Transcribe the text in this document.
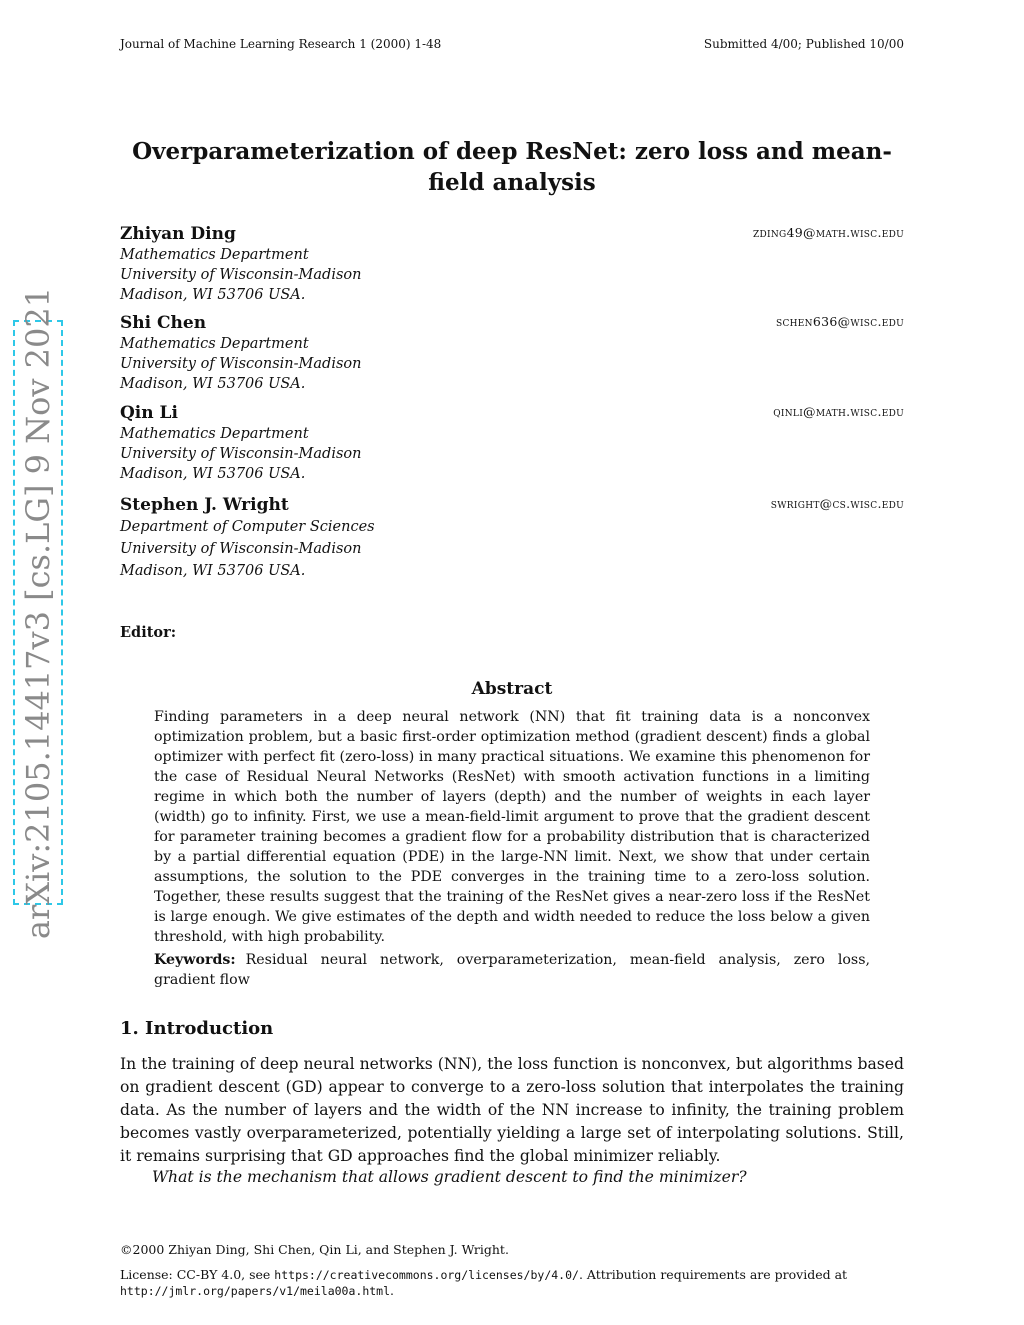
Journal of Machine Learning Research 1 (2000) 1-48	Submitted 4/00; Published 10/00
arXiv:2105.14417v3 [cs.LG] 9 Nov 2021
Overparameterization of deep ResNet: zero loss and mean-field analysis
Zhiyan Ding	zding49@math.wisc.edu
Mathematics Department
University of Wisconsin-Madison
Madison, WI 53706 USA.
Shi Chen	schen636@wisc.edu
Mathematics Department
University of Wisconsin-Madison
Madison, WI 53706 USA.
Qin Li	qinli@math.wisc.edu
Mathematics Department
University of Wisconsin-Madison
Madison, WI 53706 USA.
Stephen J. Wright	swright@cs.wisc.edu
Department of Computer Sciences
University of Wisconsin-Madison
Madison, WI 53706 USA.
Editor:
Abstract
Finding parameters in a deep neural network (NN) that fit training data is a nonconvex optimization problem, but a basic first-order optimization method (gradient descent) finds a global optimizer with perfect fit (zero-loss) in many practical situations. We examine this phenomenon for the case of Residual Neural Networks (ResNet) with smooth activation functions in a limiting regime in which both the number of layers (depth) and the number of weights in each layer (width) go to infinity. First, we use a mean-field-limit argument to prove that the gradient descent for parameter training becomes a gradient flow for a probability distribution that is characterized by a partial differential equation (PDE) in the large-NN limit. Next, we show that under certain assumptions, the solution to the PDE converges in the training time to a zero-loss solution. Together, these results suggest that the training of the ResNet gives a near-zero loss if the ResNet is large enough. We give estimates of the depth and width needed to reduce the loss below a given threshold, with high probability.
Keywords: Residual neural network, overparameterization, mean-field analysis, zero loss, gradient flow
1. Introduction
In the training of deep neural networks (NN), the loss function is nonconvex, but algorithms based on gradient descent (GD) appear to converge to a zero-loss solution that interpolates the training data. As the number of layers and the width of the NN increase to infinity, the training problem becomes vastly overparameterized, potentially yielding a large set of interpolating solutions. Still, it remains surprising that GD approaches find the global minimizer reliably.
What is the mechanism that allows gradient descent to find the minimizer?
©2000 Zhiyan Ding, Shi Chen, Qin Li, and Stephen J. Wright.
License: CC-BY 4.0, see https://creativecommons.org/licenses/by/4.0/. Attribution requirements are provided at
http://jmlr.org/papers/v1/meila00a.html.
